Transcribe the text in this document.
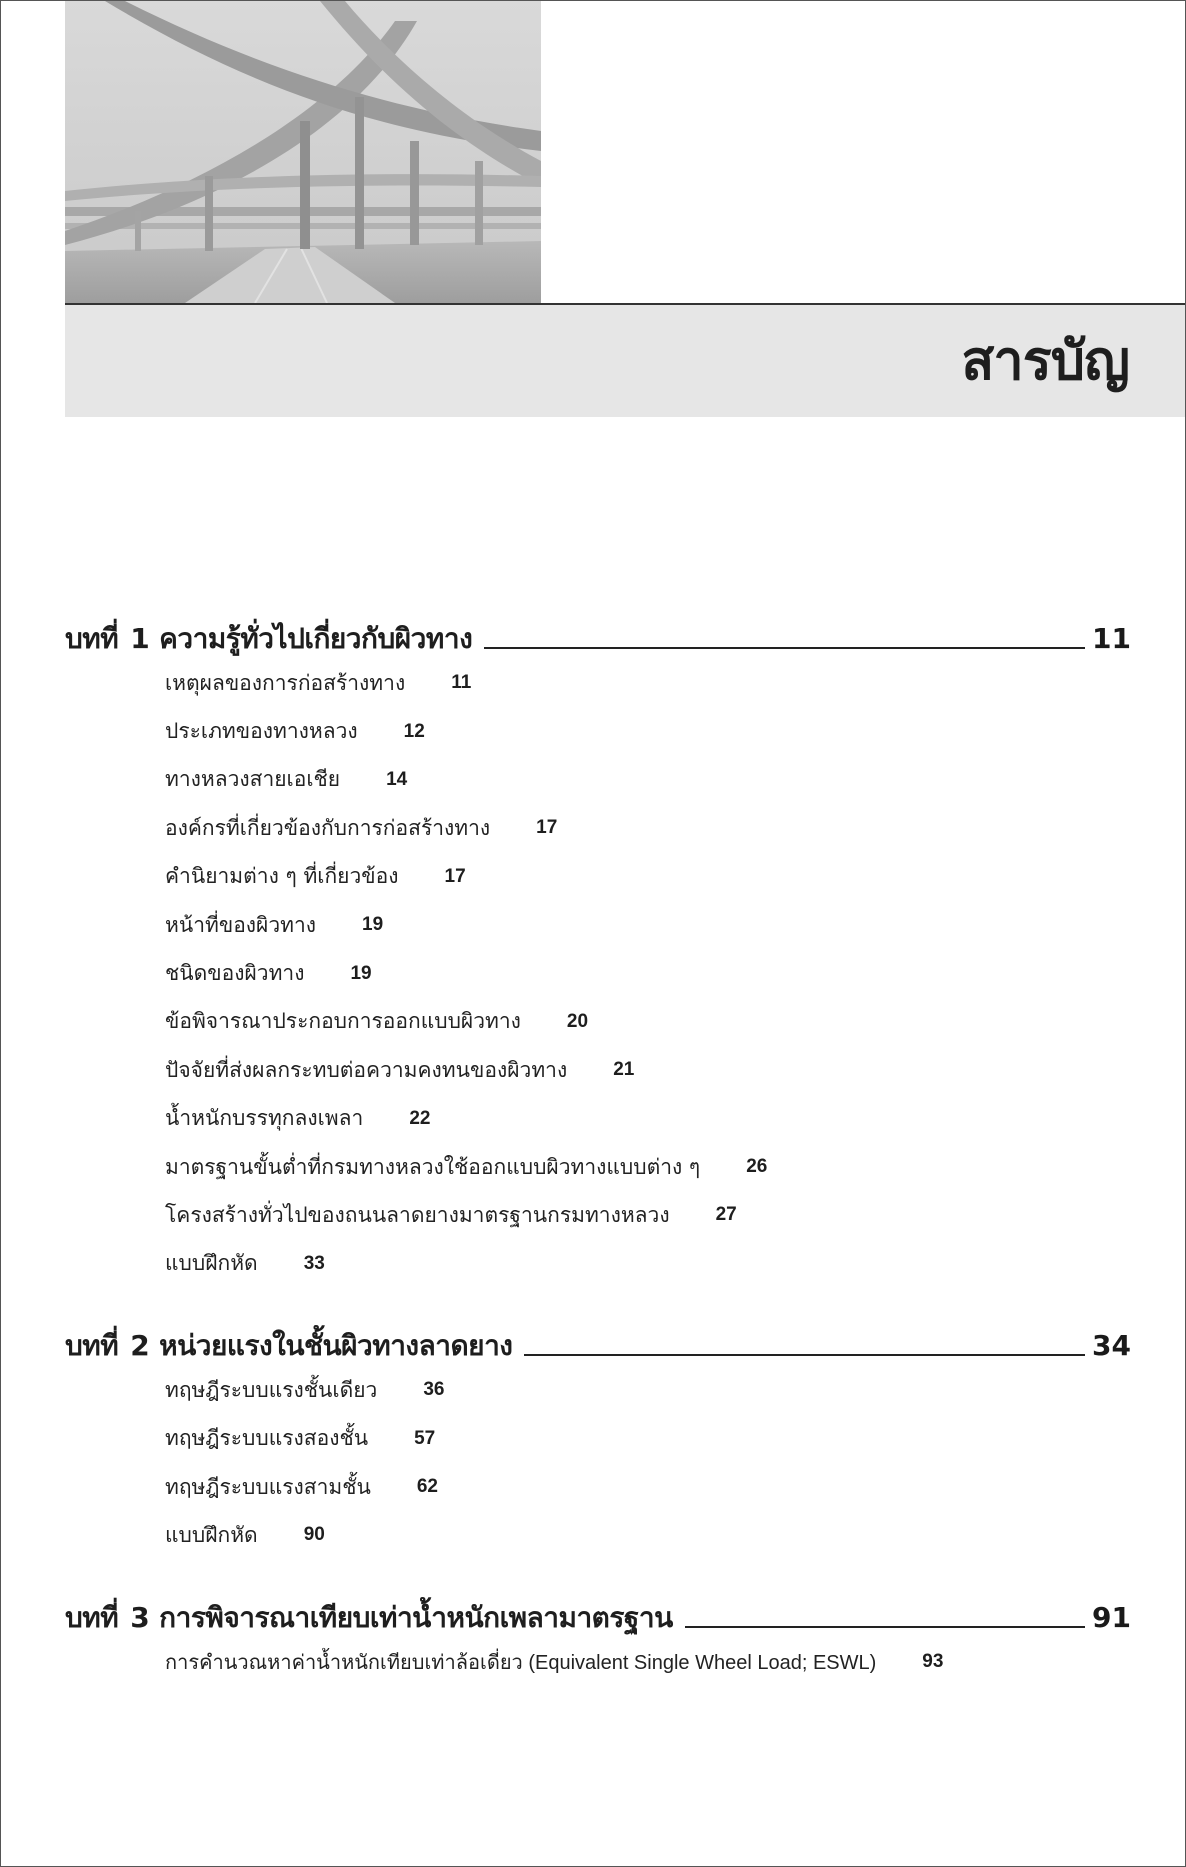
สารบัญ
บทที่ 1 ความรู้ทั่วไปเกี่ยวกับผิวทาง	11
เหตุผลของการก่อสร้างทาง 11
ประเภทของทางหลวง 12
ทางหลวงสายเอเชีย 14
องค์กรที่เกี่ยวข้องกับการก่อสร้างทาง 17
คำนิยามต่าง ๆ ที่เกี่ยวข้อง 17
หน้าที่ของผิวทาง 19
ชนิดของผิวทาง 19
ข้อพิจารณาประกอบการออกแบบผิวทาง 20
ปัจจัยที่ส่งผลกระทบต่อความคงทนของผิวทาง 21
น้ำหนักบรรทุกลงเพลา 22
มาตรฐานขั้นต่ำที่กรมทางหลวงใช้ออกแบบผิวทางแบบต่าง ๆ 26
โครงสร้างทั่วไปของถนนลาดยางมาตรฐานกรมทางหลวง 27
แบบฝึกหัด 33
บทที่ 2 หน่วยแรงในชั้นผิวทางลาดยาง	34
ทฤษฎีระบบแรงชั้นเดียว 36
ทฤษฎีระบบแรงสองชั้น 57
ทฤษฎีระบบแรงสามชั้น 62
แบบฝึกหัด 90
บทที่ 3 การพิจารณาเทียบเท่าน้ำหนักเพลามาตรฐาน	91
การคำนวณหาค่าน้ำหนักเทียบเท่าล้อเดี่ยว (Equivalent Single Wheel Load; ESWL) 93
